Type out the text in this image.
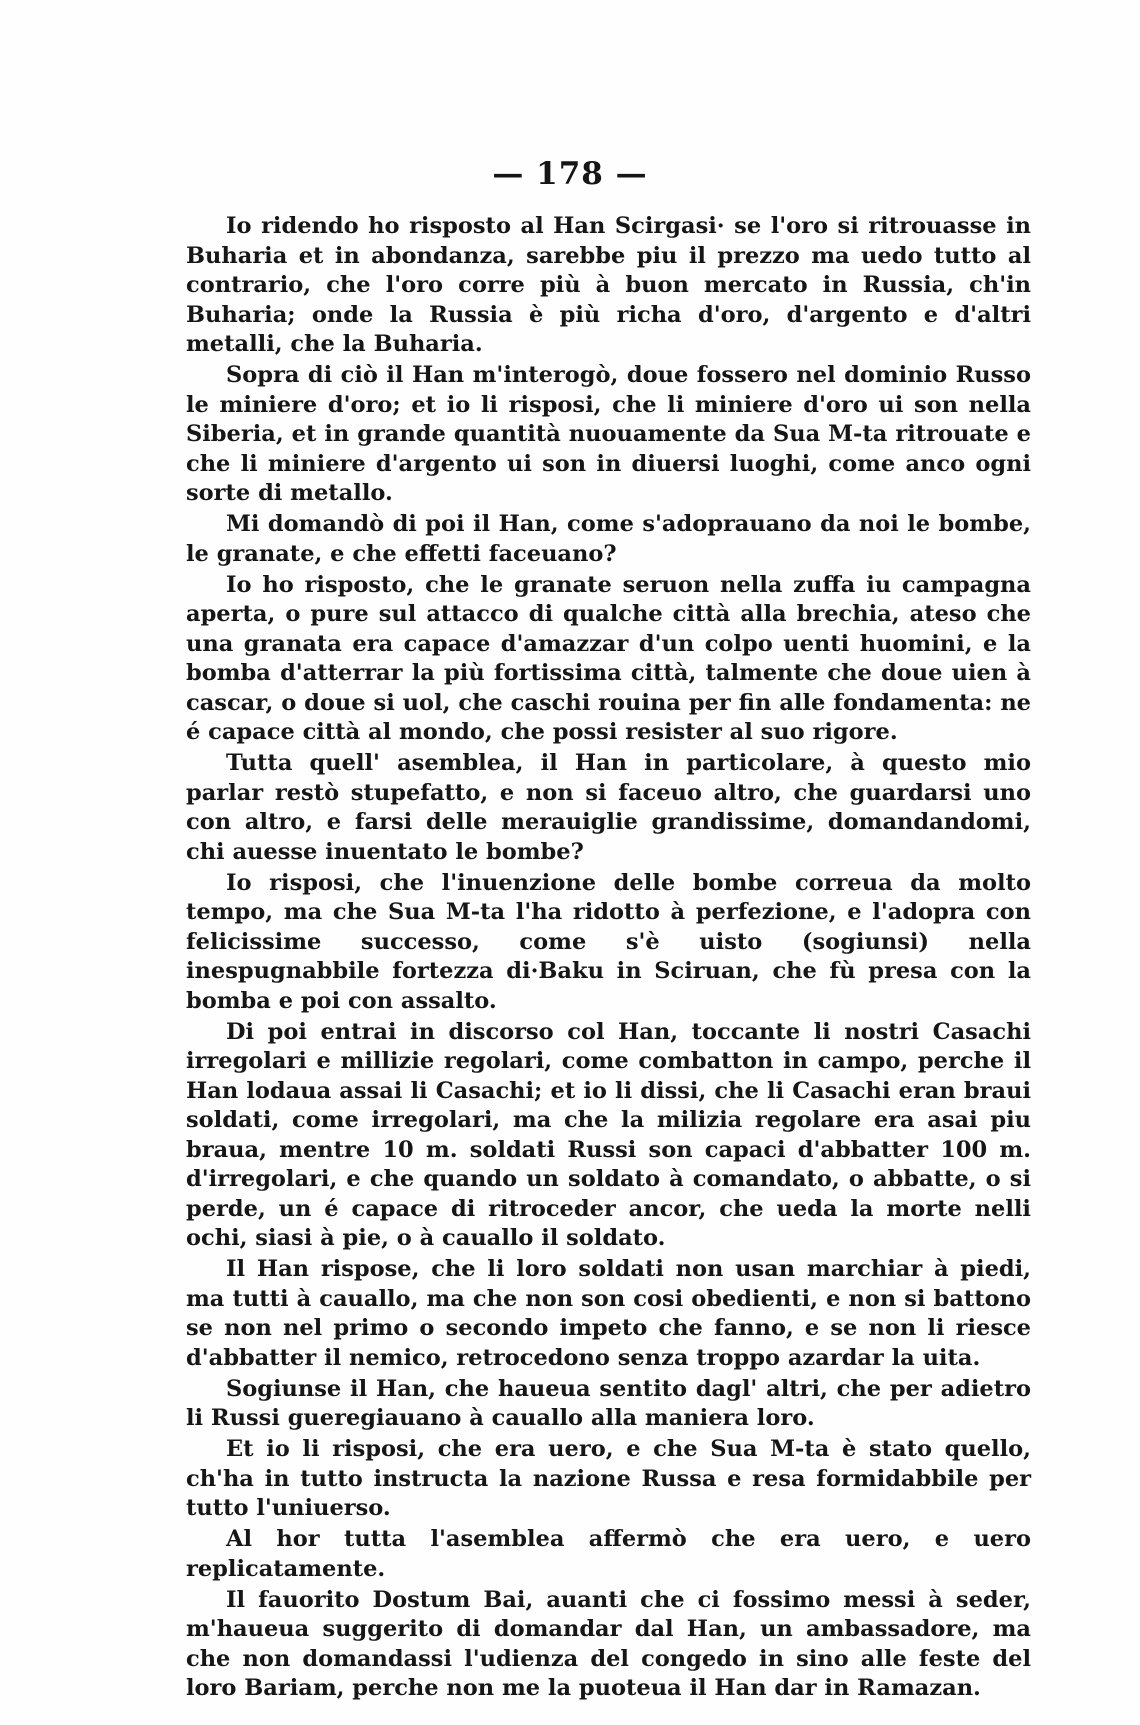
— 178 —

Io ridendo ho risposto al Han Scirgasi· se l'oro si ritrouasse in Buharia et in abondanza, sarebbe piu il prezzo ma uedo tutto al contrario, che l'oro corre più à buon mercato in Russia, ch'in Buharia; onde la Russia è più richa d'oro, d'argento e d'altri metalli, che la Buharia.

Sopra di ciò il Han m'interogò, doue fossero nel dominio Russo le miniere d'oro; et io li risposi, che li miniere d'oro ui son nella Siberia, et in grande quantità nuouamente da Sua M-ta ritrouate e che li miniere d'argento ui son in diuersi luoghi, come anco ogni sorte di metallo.

Mi domandò di poi il Han, come s'adoprauano da noi le bombe, le granate, e che effetti faceuano?

Io ho risposto, che le granate seruon nella zuffa iu campagna aperta, o pure sul attacco di qualche città alla brechia, ateso che una granata era capace d'amazzar d'un colpo uenti huomini, e la bomba d'atterrar la più fortissima città, talmente che doue uien à cascar, o doue si uol, che caschi rouina per fin alle fondamenta: ne é capace città al mondo, che possi resister al suo rigore.

Tutta quell' asemblea, il Han in particolare, à questo mio parlar restò stupefatto, e non si faceuo altro, che guardarsi uno con altro, e farsi delle merauiglie grandissime, domandandomi, chi auesse inuentato le bombe?

Io risposi, che l'inuenzione delle bombe correua da molto tempo, ma che Sua M-ta l'ha ridotto à perfezione, e l'adopra con felicissime successo, come s'è uisto (sogiunsi) nella inespugnabbile fortezza di·Baku in Sciruan, che fù presa con la bomba e poi con assalto.

Di poi entrai in discorso col Han, toccante li nostri Casachi irregolari e millizie regolari, come combatton in campo, perche il Han lodaua assai li Casachi; et io li dissi, che li Casachi eran braui soldati, come irregolari, ma che la milizia regolare era asai piu braua, mentre 10 m. soldati Russi son capaci d'abbatter 100 m. d'irregolari, e che quando un soldato à comandato, o abbatte, o si perde, un é capace di ritroceder ancor, che ueda la morte nelli ochi, siasi à pie, o à cauallo il soldato.

Il Han rispose, che li loro soldati non usan marchiar à piedi, ma tutti à cauallo, ma che non son cosi obedienti, e non si battono se non nel primo o secondo impeto che fanno, e se non li riesce d'abbatter il nemico, retrocedono senza troppo azardar la uita.

Sogiunse il Han, che haueua sentito dagl' altri, che per adietro li Russi gueregiauano à cauallo alla maniera loro.

Et io li risposi, che era uero, e che Sua M-ta è stato quello, ch'ha in tutto instructa la nazione Russa e resa formidabbile per tutto l'uniuerso.

Al hor tutta l'asemblea affermò che era uero, e uero replicatamente.

Il fauorito Dostum Bai, auanti che ci fossimo messi à seder, m'haueua suggerito di domandar dal Han, un ambassadore, ma che non domandassi l'udienza del congedo in sino alle feste del loro Bariam, perche non me la puoteua il Han dar in Ramazan.
